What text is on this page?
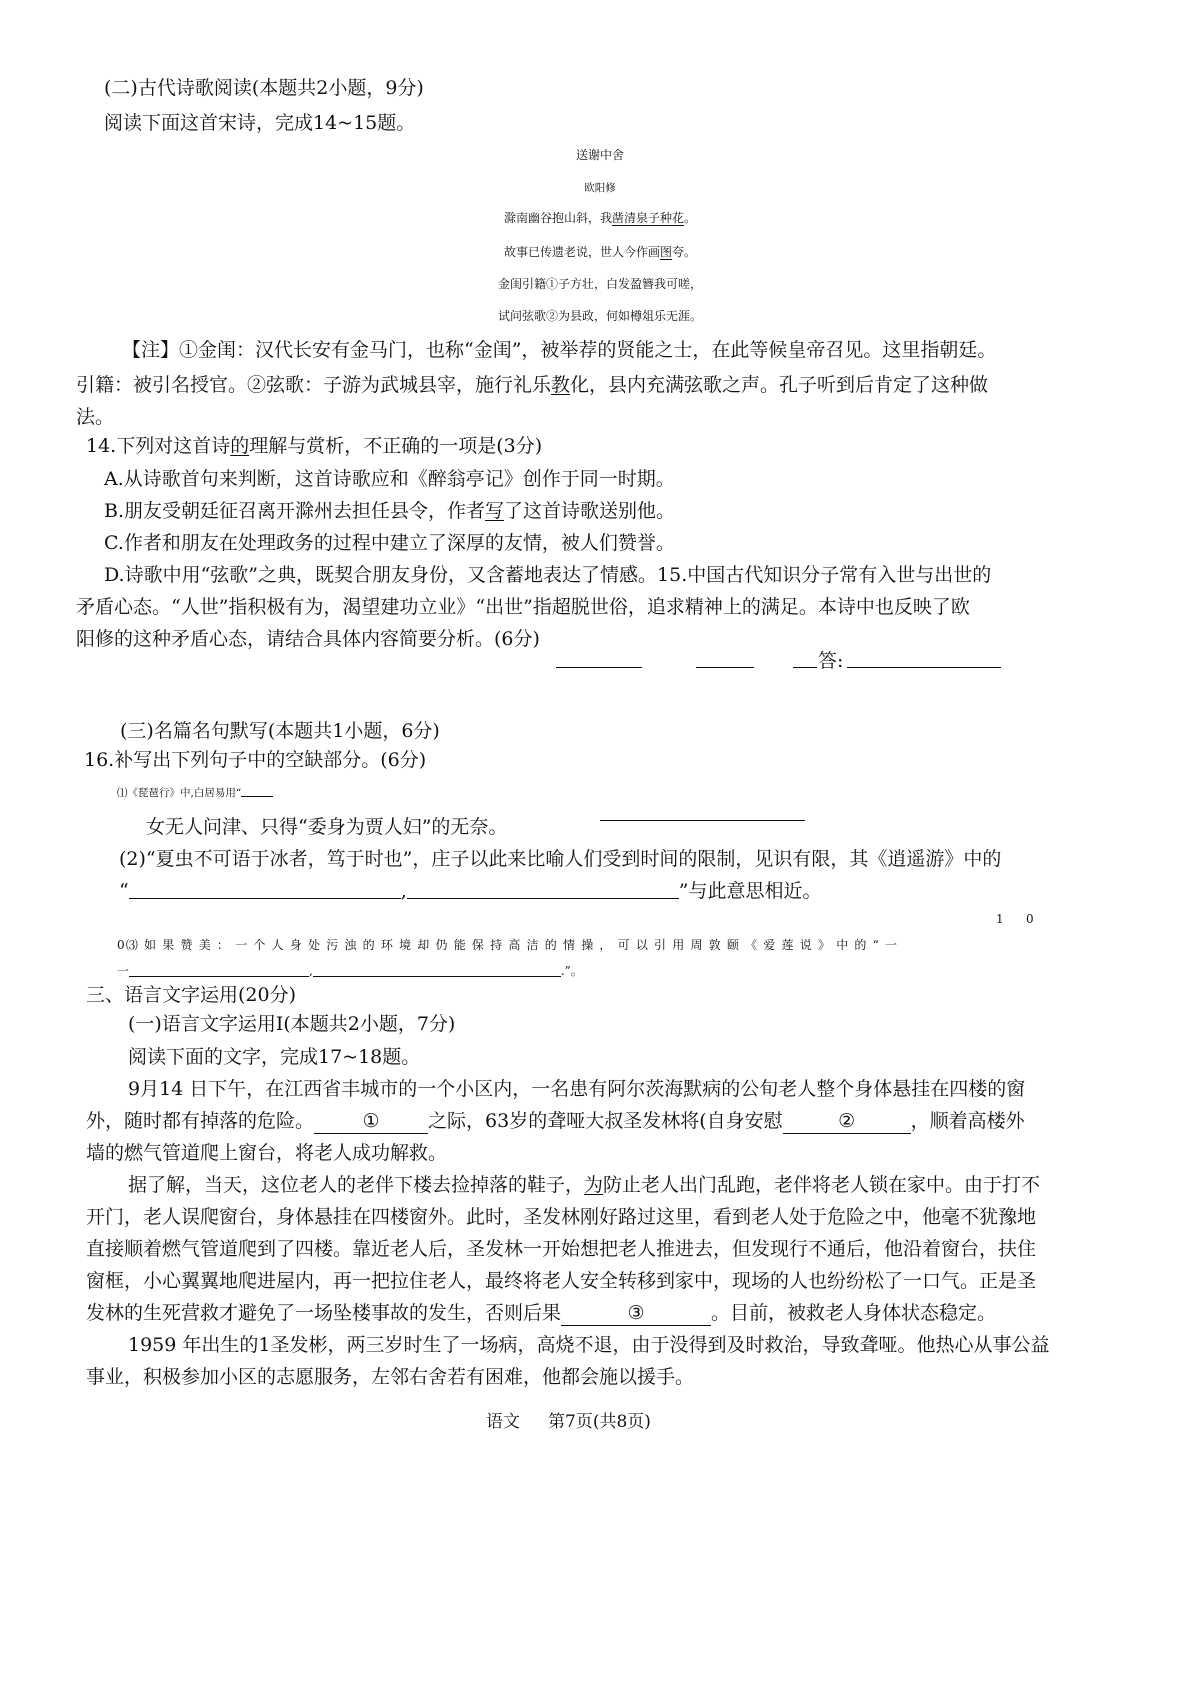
(二)古代诗歌阅读(本题共2小题，9分)
阅读下面这首宋诗，完成14~15题。
送谢中舍
欧阳修
滁南幽谷抱山斜，我凿清泉子种花。
故事已传遗老说，世人今作画图夸。
金闺引籍①子方壮，白发盈簪我可嗟，
试问弦歌②为县政，何如樽俎乐无涯。
【注】①金闺：汉代长安有金马门，也称“金闺”，被举荐的贤能之士，在此等候皇帝召见。这里指朝廷。
引籍：被引名授官。②弦歌：子游为武城县宰，施行礼乐教化，县内充满弦歌之声。孔子听到后肯定了这种做
法。
14.下列对这首诗的理解与赏析，不正确的一项是(3分)
A.从诗歌首句来判断，这首诗歌应和《醉翁亭记》创作于同一时期。
B.朋友受朝廷征召离开滁州去担任县令，作者写了这首诗歌送别他。
C.作者和朋友在处理政务的过程中建立了深厚的友情，被人们赞誉。
D.诗歌中用“弦歌”之典，既契合朋友身份，又含蓄地表达了情感。15.中国古代知识分子常有入世与出世的
矛盾心态。“人世”指积极有为，渴望建功立业》“出世”指超脱世俗，追求精神上的满足。本诗中也反映了欧
阳修的这种矛盾心态，请结合具体内容简要分析。(6分)
答:
(三)名篇名句默写(本题共1小题，6分)
16.补写出下列句子中的空缺部分。(6分)
⑴《琵琶行》中,白居易用“
女无人问津、只得“委身为贾人妇”的无奈。
(2)“夏虫不可语于冰者，笃于时也”，庄子以此来比喻人们受到时间的限制，见识有限，其《逍遥游》中的
“	,	”与此意思相近。
1 0
0⑶ 如 果 赞 美 ： 一 个 人 身 处 污 浊 的 环 境 却 仍 能 保 持 高 洁 的 情 操 ， 可 以 引 用 周 敦 颐 《 爱 莲 说 》 中 的 “ 一
一	,	.”。
三、语言文字运用(20分)
(一)语言文字运用Ⅰ(本题共2小题，7分)
阅读下面的文字，完成17~18题。
9月14 日下午，在江西省丰城市的一个小区内，一名患有阿尔茨海默病的公旬老人整个身体悬挂在四楼的窗
外，随时都有掉落的危险。	①	之际，63岁的聋哑大叔圣发林将(自身安慰	②	，顺着高楼外
墙的燃气管道爬上窗台，将老人成功解救。
据了解，当天，这位老人的老伴下楼去捡掉落的鞋子，为防止老人出门乱跑，老伴将老人锁在家中。由于打不
开门，老人误爬窗台，身体悬挂在四楼窗外。此时，圣发林刚好路过这里，看到老人处于危险之中，他毫不犹豫地
直接顺着燃气管道爬到了四楼。靠近老人后，圣发林一开始想把老人推进去，但发现行不通后，他沿着窗台，扶住
窗框，小心翼翼地爬进屋内，再一把拉住老人，最终将老人安全转移到家中，现场的人也纷纷松了一口气。正是圣
发林的生死营救才避免了一场坠楼事故的发生，否则后果	③	。目前，被救老人身体状态稳定。
1959 年出生的1圣发彬，两三岁时生了一场病，高烧不退，由于没得到及时救治，导致聋哑。他热心从事公益
事业，积极参加小区的志愿服务，左邻右舍若有困难，他都会施以援手。
语文 第7页(共8页)
